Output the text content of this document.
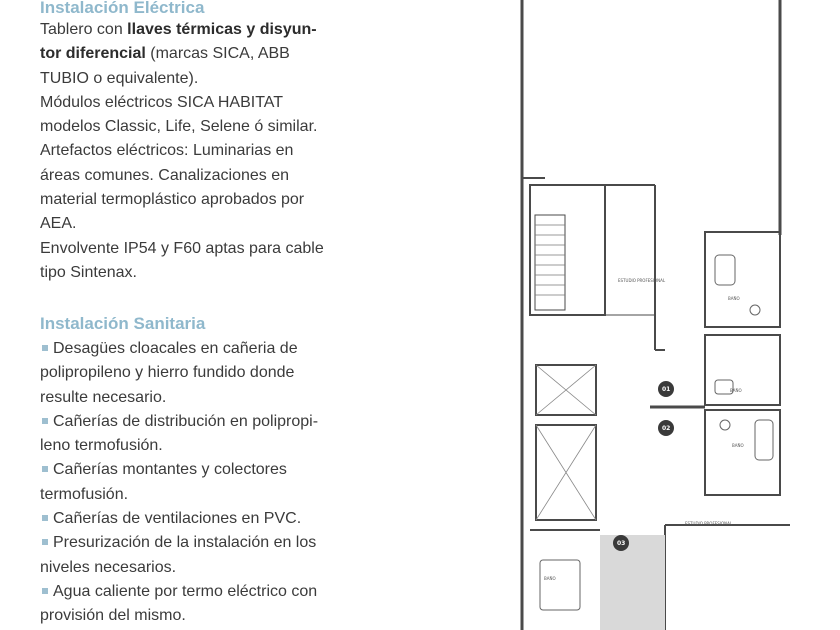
Instalación Eléctrica
Tablero con llaves térmicas y disyun-
tor diferencial (marcas SICA, ABB
TUBIO o equivalente).
Módulos eléctricos SICA HABITAT
modelos Classic, Life, Selene ó similar.
Artefactos eléctricos: Luminarias en
áreas comunes. Canalizaciones en
material termoplástico aprobados por
AEA.
Envolvente IP54 y F60 aptas para cable
tipo Sintenax.
Instalación Sanitaria
Desagües cloacales en cañeria de
polipropileno y hierro fundido donde
resulte necesario.
Cañerías de distribución en polipropi-
leno termofusión.
Cañerías montantes y colectores
termofusión.
Cañerías de ventilaciones en PVC.
Presurización de la instalación en los
niveles necesarios.
Agua caliente por termo eléctrico con
provisión del mismo.
ESTUDIO PROFESIONAL
BAÑO
BAÑO
BAÑO
BAÑO
ESTUDIO PROFESIONAL
01
02
03
